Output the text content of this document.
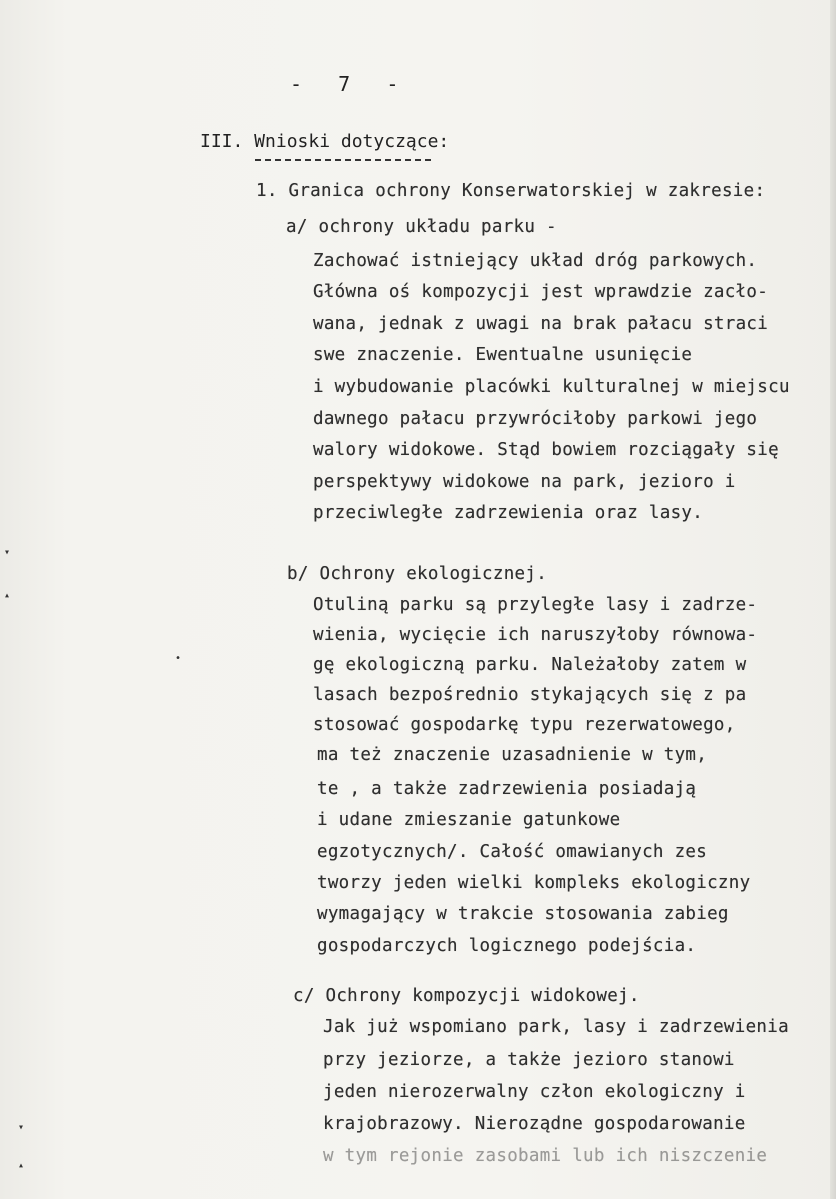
-   7   -
III. Wnioski dotyczące:
1. Granica ochrony Konserwatorskiej w zakresie:
a/ ochrony układu parku -
Zachować istniejący układ dróg parkowych.
Główna oś kompozycji jest wprawdzie zacło-
wana, jednak z uwagi na brak pałacu straci
swe znaczenie. Ewentualne usunięcie
i wybudowanie placówki kulturalnej w miejscu
dawnego pałacu przywróciłoby parkowi jego
walory widokowe. Stąd bowiem rozciągały się
perspektywy widokowe na park, jezioro i
przeciwległe zadrzewienia oraz lasy.
b/ Ochrony ekologicznej.
Otuliną parku są przyległe lasy i zadrze-
wienia, wycięcie ich naruszyłoby równowa-
gę ekologiczną parku. Należałoby zatem w
lasach bezpośrednio stykających się z pa
stosować gospodarkę typu rezerwatowego,
ma też znaczenie uzasadnienie w tym,
te , a także zadrzewienia posiadają
i udane zmieszanie gatunkowe
egzotycznych/. Całość omawianych zes
tworzy jeden wielki kompleks ekologiczny
wymagający w trakcie stosowania zabieg
gospodarczych logicznego podejścia.
c/ Ochrony kompozycji widokowej.
Jak już wspomiano park, lasy i zadrzewienia
przy jeziorze, a także jezioro stanowi
jeden nierozerwalny człon ekologiczny i
krajobrazowy. Nieroządne gospodarowanie
w tym rejonie zasobami lub ich niszczenie
▾
▴
•
▾
▴
